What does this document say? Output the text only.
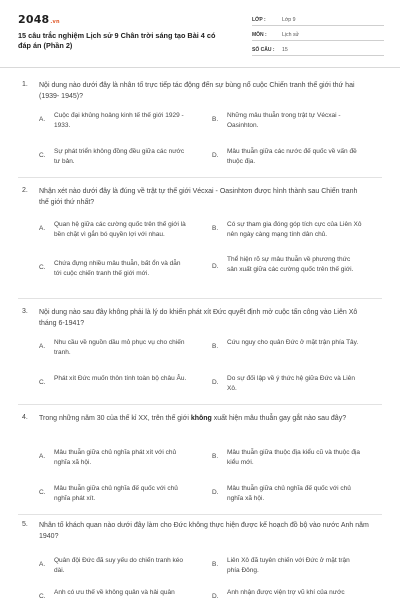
2048.vn
15 câu trắc nghiệm Lịch sử 9 Chân trời sáng tạo Bài 4 có đáp án (Phần 2)
LỚP :	Lớp 9
MÔN :	Lịch sử
SỐ CÂU :	15
1. Nội dung nào dưới đây là nhân tố trực tiếp tác động đến sự bùng nổ cuộc Chiến tranh thế giới thứ hai (1939- 1945)?
A.
Cuộc đại khủng hoảng kinh tế thế giới 1929 - 1933.
B.
Những mâu thuẫn trong trật tự Vécxai - Oasinhton.
C.
Sự phát triển không đồng đều giữa các nước tư bản.
D.
Mâu thuẫn giữa các nước đế quốc về vấn đề thuộc địa.
2. Nhận xét nào dưới đây là đúng về trật tự thế giới Vécxai - Oasinhtơn được hình thành sau Chiến tranh thế giới thứ nhất?
A.
Quan hệ giữa các cường quốc trên thế giới là bền chặt vì gắn bó quyền lợi với nhau.
B.
Có sự tham gia đóng góp tích cực của Liên Xô nên ngày càng mạng tính dân chủ.
C.
Chứa đựng nhiều mâu thuẫn, bất ổn và dẫn tới cuộc chiến tranh thế giới mới.
D.
Thể hiện rõ sự mâu thuẫn về phương thức sản xuất giữa các cường quốc trên thế giới.
3. Nội dung nào sau đây không phải là lý do khiến phát xít Đức quyết định mở cuộc tấn công vào Liên Xô tháng 6-1941?
A.
Nhu cầu về nguồn dầu mỏ phục vụ cho chiến tranh.
B.
Cứu nguy cho quân Đức ở mặt trận phía Tây.
C.
Phát xít Đức muốn thôn tính toàn bộ châu Âu.
D.
Do sự đối lập về ý thức hệ giữa Đức và Liên Xô.
4. Trong những năm 30 của thế kỉ XX, trên thế giới không xuất hiện mâu thuẫn gay gắt nào sau đây?
A.
Mâu thuẫn giữa chủ nghĩa phát xít với chủ nghĩa xã hội.
B.
Mâu thuẫn giữa thuộc địa kiểu cũ và thuộc địa kiểu mới.
C.
Mâu thuẫn giữa chủ nghĩa đế quốc với chủ nghĩa phát xít.
D.
Mâu thuẫn giữa chủ nghĩa đế quốc với chủ nghĩa xã hội.
5. Nhân tố khách quan nào dưới đây làm cho Đức không thực hiện được kế hoạch đồ bộ vào nước Anh năm 1940?
A.
Quân đội Đức đã suy yếu do chiến tranh kéo dài.
B.
Liên Xô đã tuyên chiến với Đức ở mặt trận phía Đông.
C.
Anh có ưu thế về không quân và hải quân
D.
Anh nhận được viện trợ vũ khí của nước
